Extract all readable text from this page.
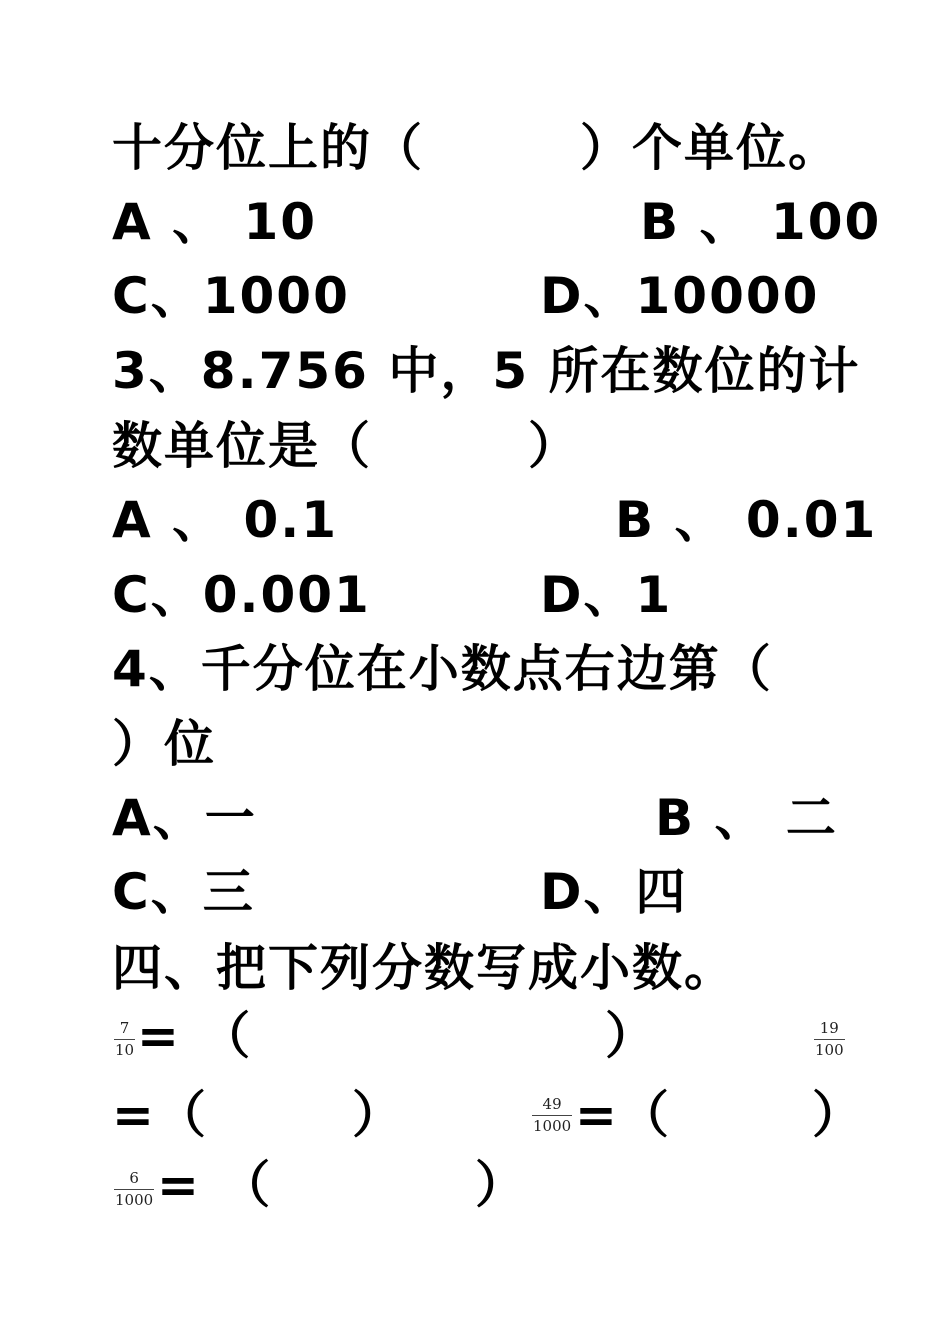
十分位上的（　　　）个单位。
A 、 10	B 、 100
C、1000	D、10000
3、8.756 中，5 所在数位的计
数单位是（　　　）
A 、 0.1	B 、 0.01
C、0.001	D、1
4、千分位在小数点右边第（
）位
A、一	B 、 二
C、三	D、四
四、把下列分数写成小数。
7
10 = （	）	19
100
=（	）	49
1000 =（	）
6
1000 = （	）
